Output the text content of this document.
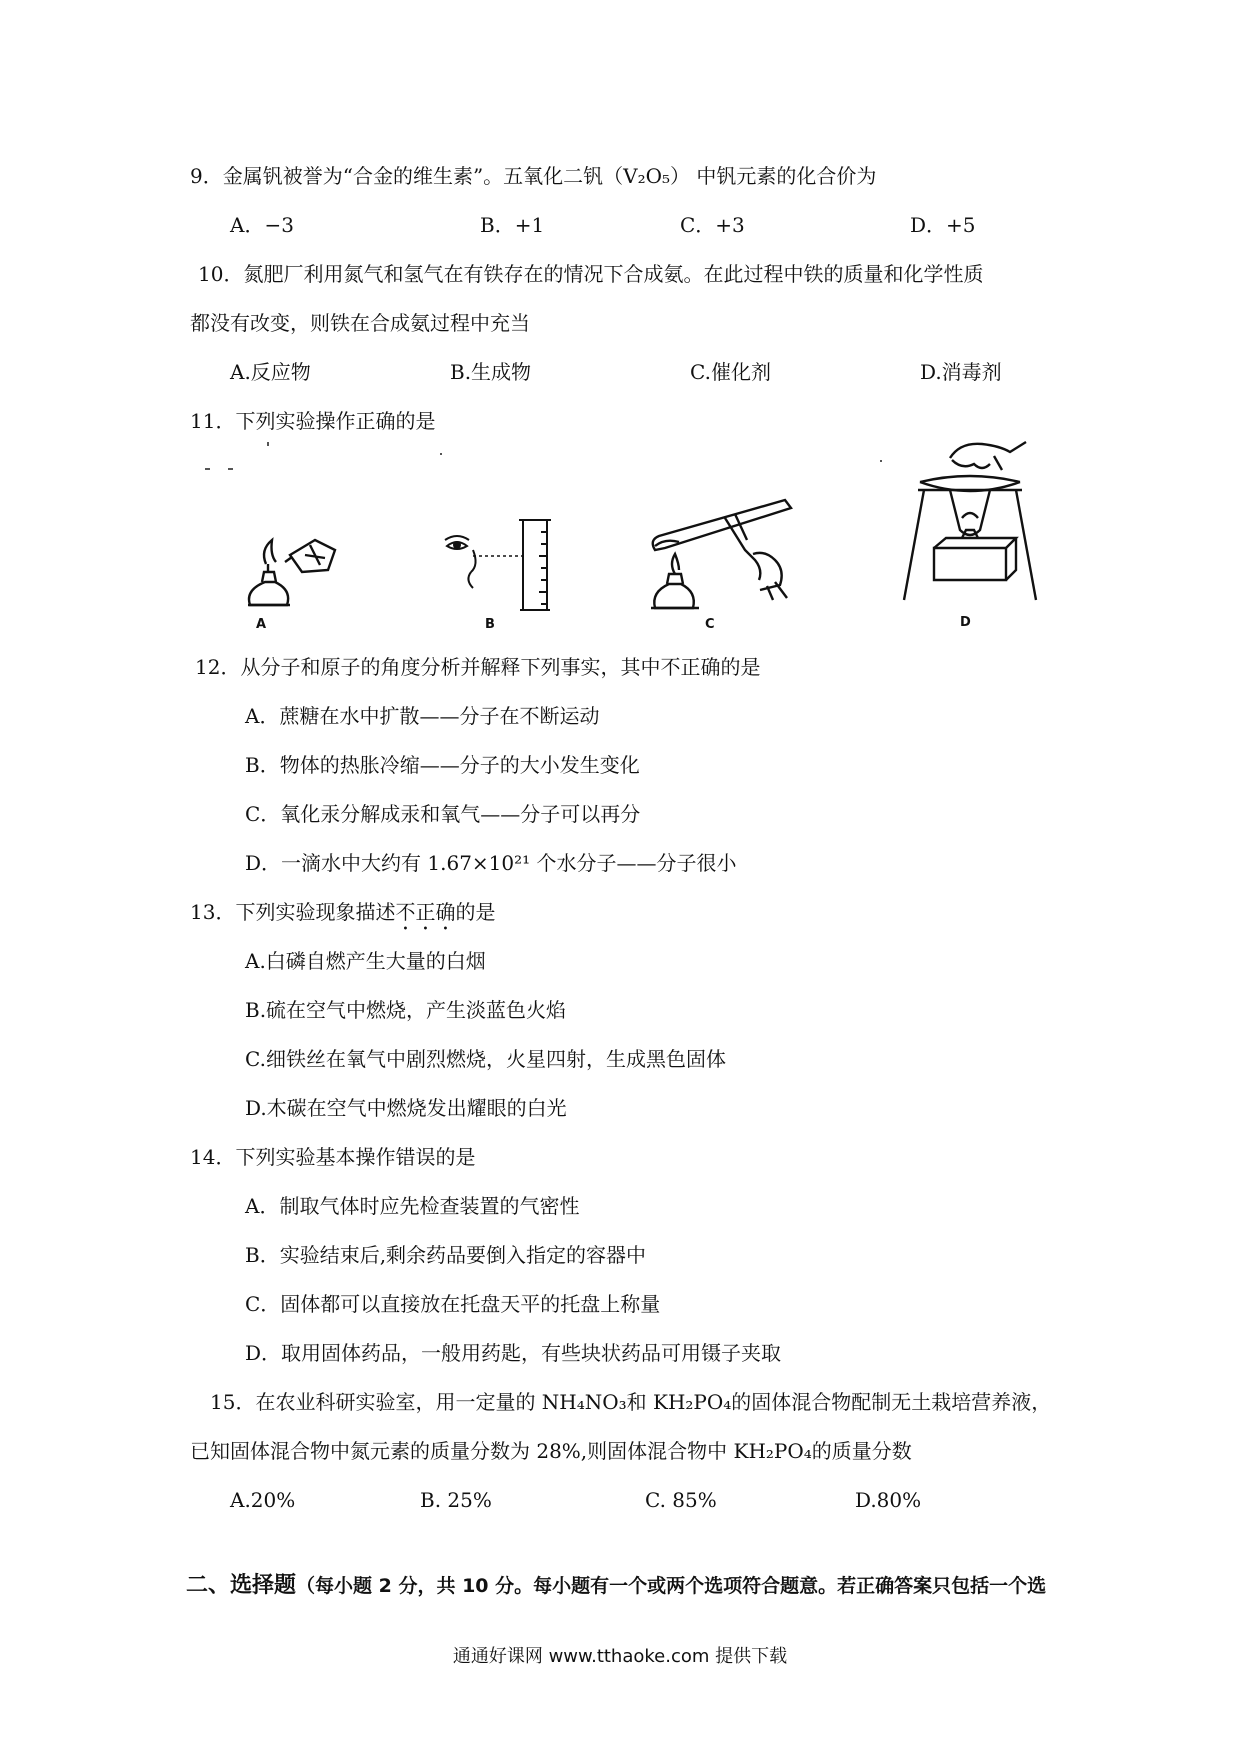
9．金属钒被誉为“合金的维生素”。五氧化二钒（V₂O₅） 中钒元素的化合价为
A．−3	B．+1	C．+3	D．+5
10．氮肥厂利用氮气和氢气在有铁存在的情况下合成氨。在此过程中铁的质量和化学性质
都没有改变，则铁在合成氨过程中充当
A.反应物	B.生成物	C.催化剂	D.消毒剂
11．下列实验操作正确的是
A	B	C	D
12．从分子和原子的角度分析并解释下列事实，其中不正确的是
A．蔗糖在水中扩散——分子在不断运动
B．物体的热胀冷缩——分子的大小发生变化
C．氧化汞分解成汞和氧气——分子可以再分
D．一滴水中大约有 1.67×10²¹ 个水分子——分子很小
13．下列实验现象描述不正确的是
A.白磷自燃产生大量的白烟
B.硫在空气中燃烧，产生淡蓝色火焰
C.细铁丝在氧气中剧烈燃烧，火星四射，生成黑色固体
D.木碳在空气中燃烧发出耀眼的白光
14．下列实验基本操作错误的是
A．制取气体时应先检查装置的气密性
B．实验结束后,剩余药品要倒入指定的容器中
C．固体都可以直接放在托盘天平的托盘上称量
D．取用固体药品，一般用药匙，有些块状药品可用镊子夹取
15．在农业科研实验室，用一定量的 NH₄NO₃和 KH₂PO₄的固体混合物配制无土栽培营养液，
已知固体混合物中氮元素的质量分数为 28%,则固体混合物中 KH₂PO₄的质量分数
A.20%	B. 25%	C. 85%	D.80%
二、选择题（每小题 2 分，共 10 分。每小题有一个或两个选项符合题意。若正确答案只包括一个选
通通好课网 www.tthaoke.com 提供下载
